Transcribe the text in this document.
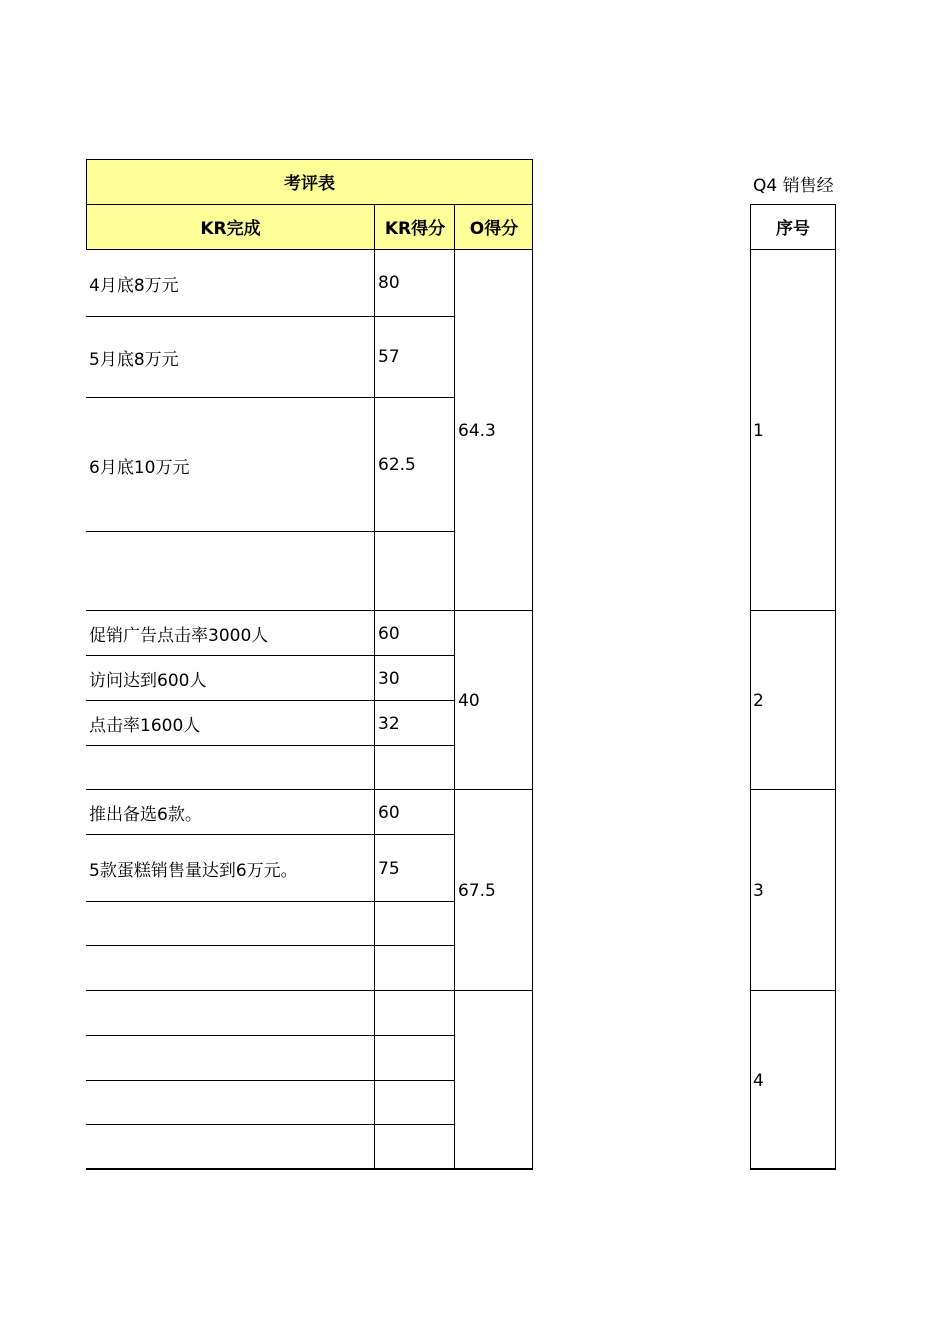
考评表
KR完成	KR得分 O得分
4月底8万元	80
5月底8万元	57
6月底10万元	62.5
64.3
促销广告点击率3000人	60
访问达到600人	30
点击率1600人	32
40
推出备选6款。	60
5款蛋糕销售量达到6万元。	75
67.5
Q4 销售经
序号
1
2
3
4
